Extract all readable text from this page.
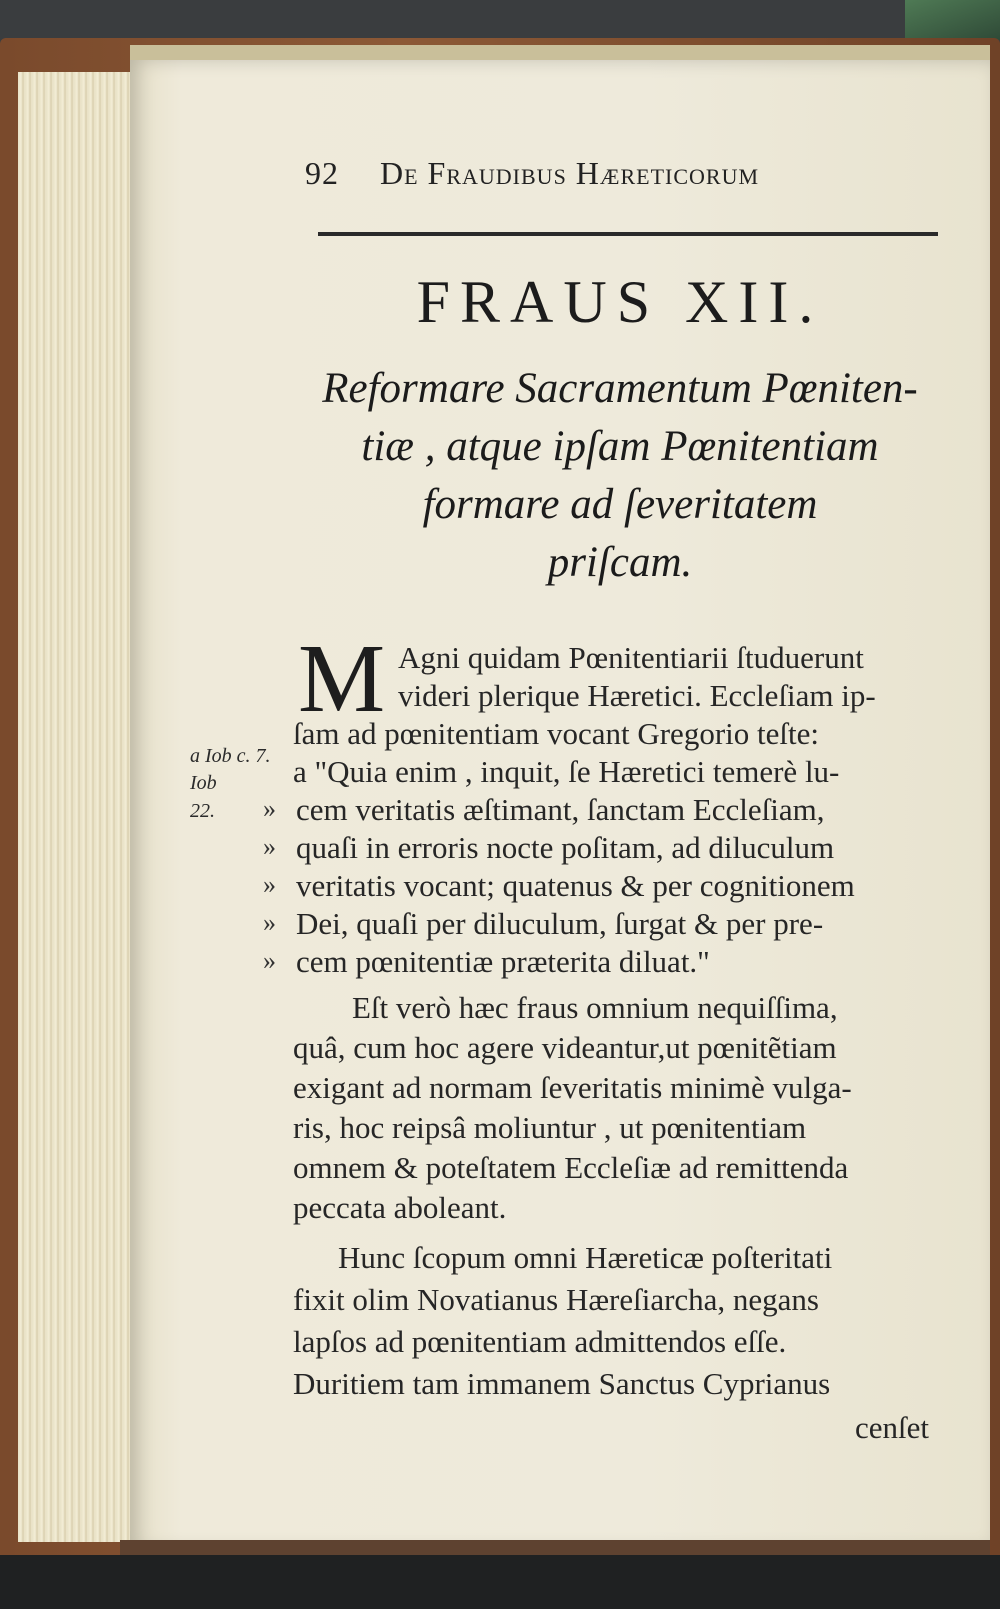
92 De Fraudibus Hæreticorum
FRAUS XII.
Reformare Sacramentum Pœniten-
tiæ , atque ipſam Pœnitentiam
formare ad ſeveritatem
priſcam.
a Iob c. 7.
Iob
22.
M Agni quidam Pœnitentiarii ſtuduerunt
videri plerique Hæretici. Eccleſiam ip-
ſam ad pœnitentiam vocant Gregorio teſte:
a "Quia enim , inquit, ſe Hæretici temerè lu-
» cem veritatis æſtimant, ſanctam Eccleſiam,
» quaſi in erroris nocte poſitam, ad diluculum
» veritatis vocant; quatenus & per cognitionem
» Dei, quaſi per diluculum, ſurgat & per pre-
» cem pœnitentiæ præterita diluat."
Eſt verò hæc fraus omnium nequiſſima,
quâ, cum hoc agere videantur,ut pœnitẽtiam
exigant ad normam ſeveritatis minimè vulga-
ris, hoc reipsâ moliuntur , ut pœnitentiam
omnem & poteſtatem Eccleſiæ ad remittenda
peccata aboleant.
Hunc ſcopum omni Hæreticæ poſteritati
fixit olim Novatianus Hæreſiarcha, negans
lapſos ad pœnitentiam admittendos eſſe.
Duritiem tam immanem Sanctus Cyprianus
cenſet
